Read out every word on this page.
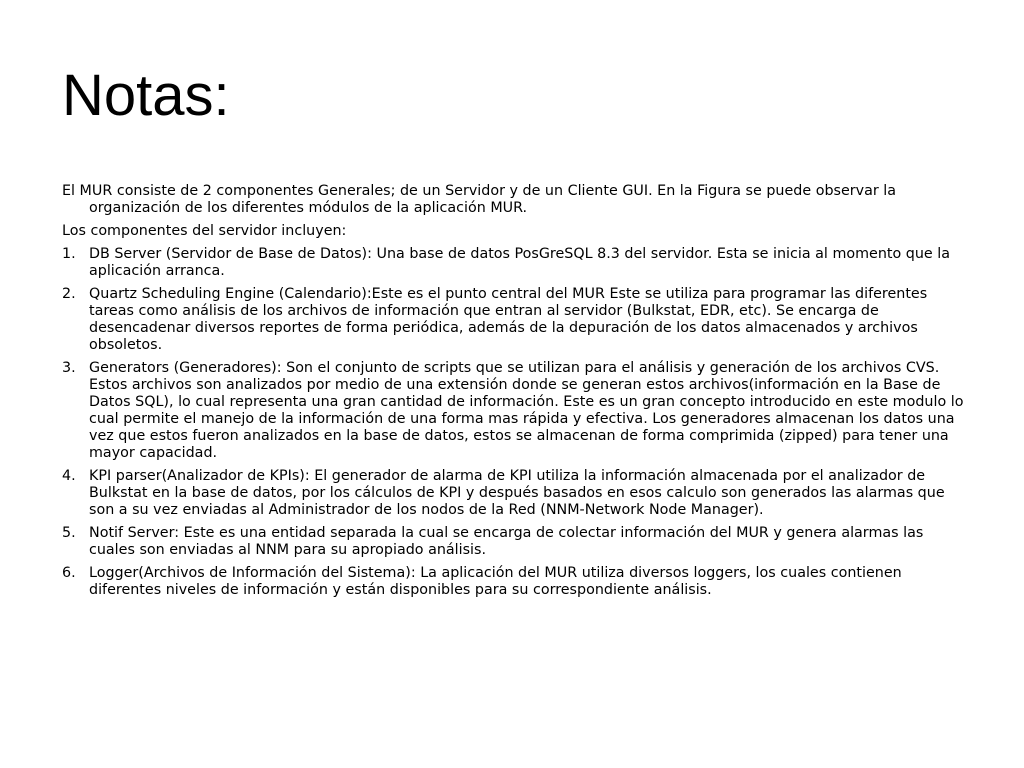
Notas:

El MUR consiste de 2 componentes Generales; de un Servidor y de un Cliente GUI. En la Figura se puede observar la organización de los diferentes módulos de la aplicación MUR.

Los componentes del servidor incluyen:

1. DB Server (Servidor de Base de Datos): Una base de datos PosGreSQL 8.3 del servidor. Esta se inicia al momento que la aplicación arranca.
2. Quartz Scheduling Engine (Calendario):Este es el punto central del MUR Este se utiliza para programar las diferentes tareas como análisis de los archivos de información que entran al servidor (Bulkstat, EDR, etc). Se encarga de desencadenar diversos reportes de forma periódica, además de la depuración de los datos almacenados y archivos obsoletos.
3. Generators (Generadores): Son el conjunto de scripts que se utilizan para el análisis y generación de los archivos CVS. Estos archivos son analizados por medio de una extensión donde se generan estos archivos(información en la Base de Datos SQL), lo cual representa una gran cantidad de información. Este es un gran concepto introducido en este modulo lo cual permite el manejo de la información de una forma mas rápida y efectiva. Los generadores almacenan los datos una vez que estos fueron analizados en la base de datos, estos se almacenan de forma comprimida (zipped) para tener una mayor capacidad.
4. KPI parser(Analizador de KPIs): El generador de alarma de KPI utiliza la información almacenada por el analizador de Bulkstat en la base de datos, por los cálculos de KPI y después basados en esos calculo son generados las alarmas que son a su vez enviadas al Administrador de los nodos de la Red (NNM-Network Node Manager).
5. Notif Server: Este es una entidad separada la cual se encarga de colectar información del MUR y genera alarmas las cuales son enviadas al NNM para su apropiado análisis.
6. Logger(Archivos de Información del Sistema): La aplicación del MUR utiliza diversos loggers, los cuales contienen diferentes niveles de información y están disponibles para su correspondiente análisis.
